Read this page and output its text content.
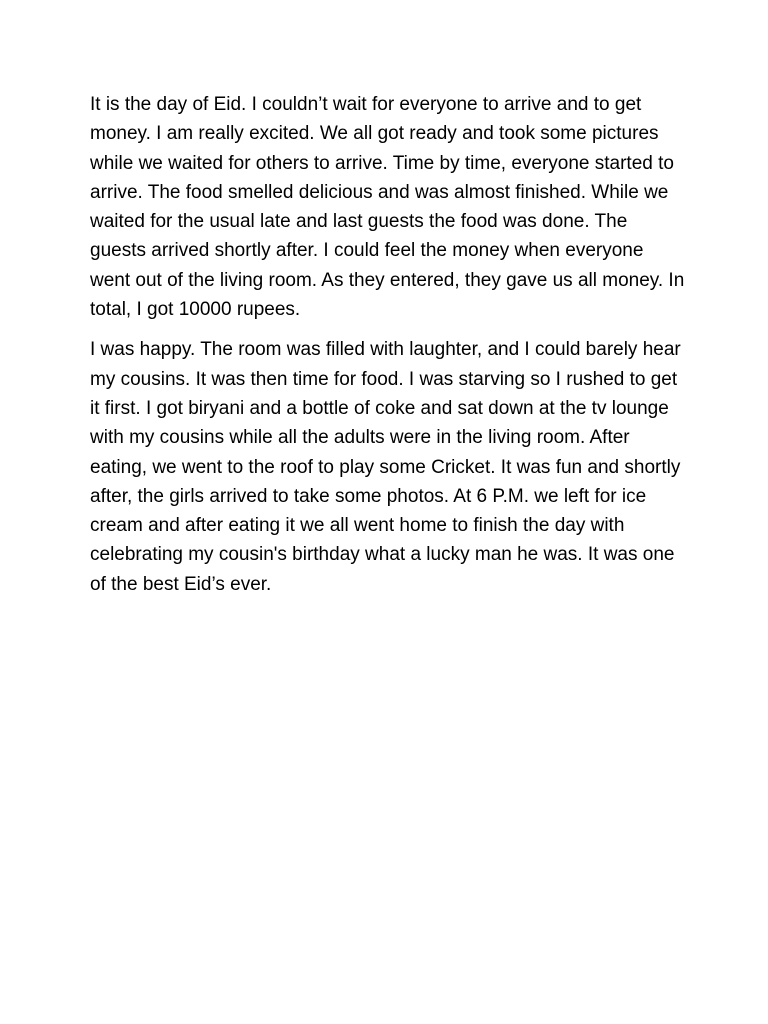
It is the day of Eid. I couldn’t wait for everyone to arrive and to get money. I am really excited. We all got ready and took some pictures while we waited for others to arrive. Time by time, everyone started to arrive. The food smelled delicious and was almost finished. While we waited for the usual late and last guests the food was done. The guests arrived shortly after. I could feel the money when everyone went out of the living room. As they entered, they gave us all money. In total, I got 10000 rupees.

I was happy. The room was filled with laughter, and I could barely hear my cousins. It was then time for food. I was starving so I rushed to get it first. I got biryani and a bottle of coke and sat down at the tv lounge with my cousins while all the adults were in the living room. After eating, we went to the roof to play some Cricket. It was fun and shortly after, the girls arrived to take some photos. At 6 P.M. we left for ice cream and after eating it we all went home to finish the day with celebrating my cousin's birthday what a lucky man he was. It was one of the best Eid’s ever.
